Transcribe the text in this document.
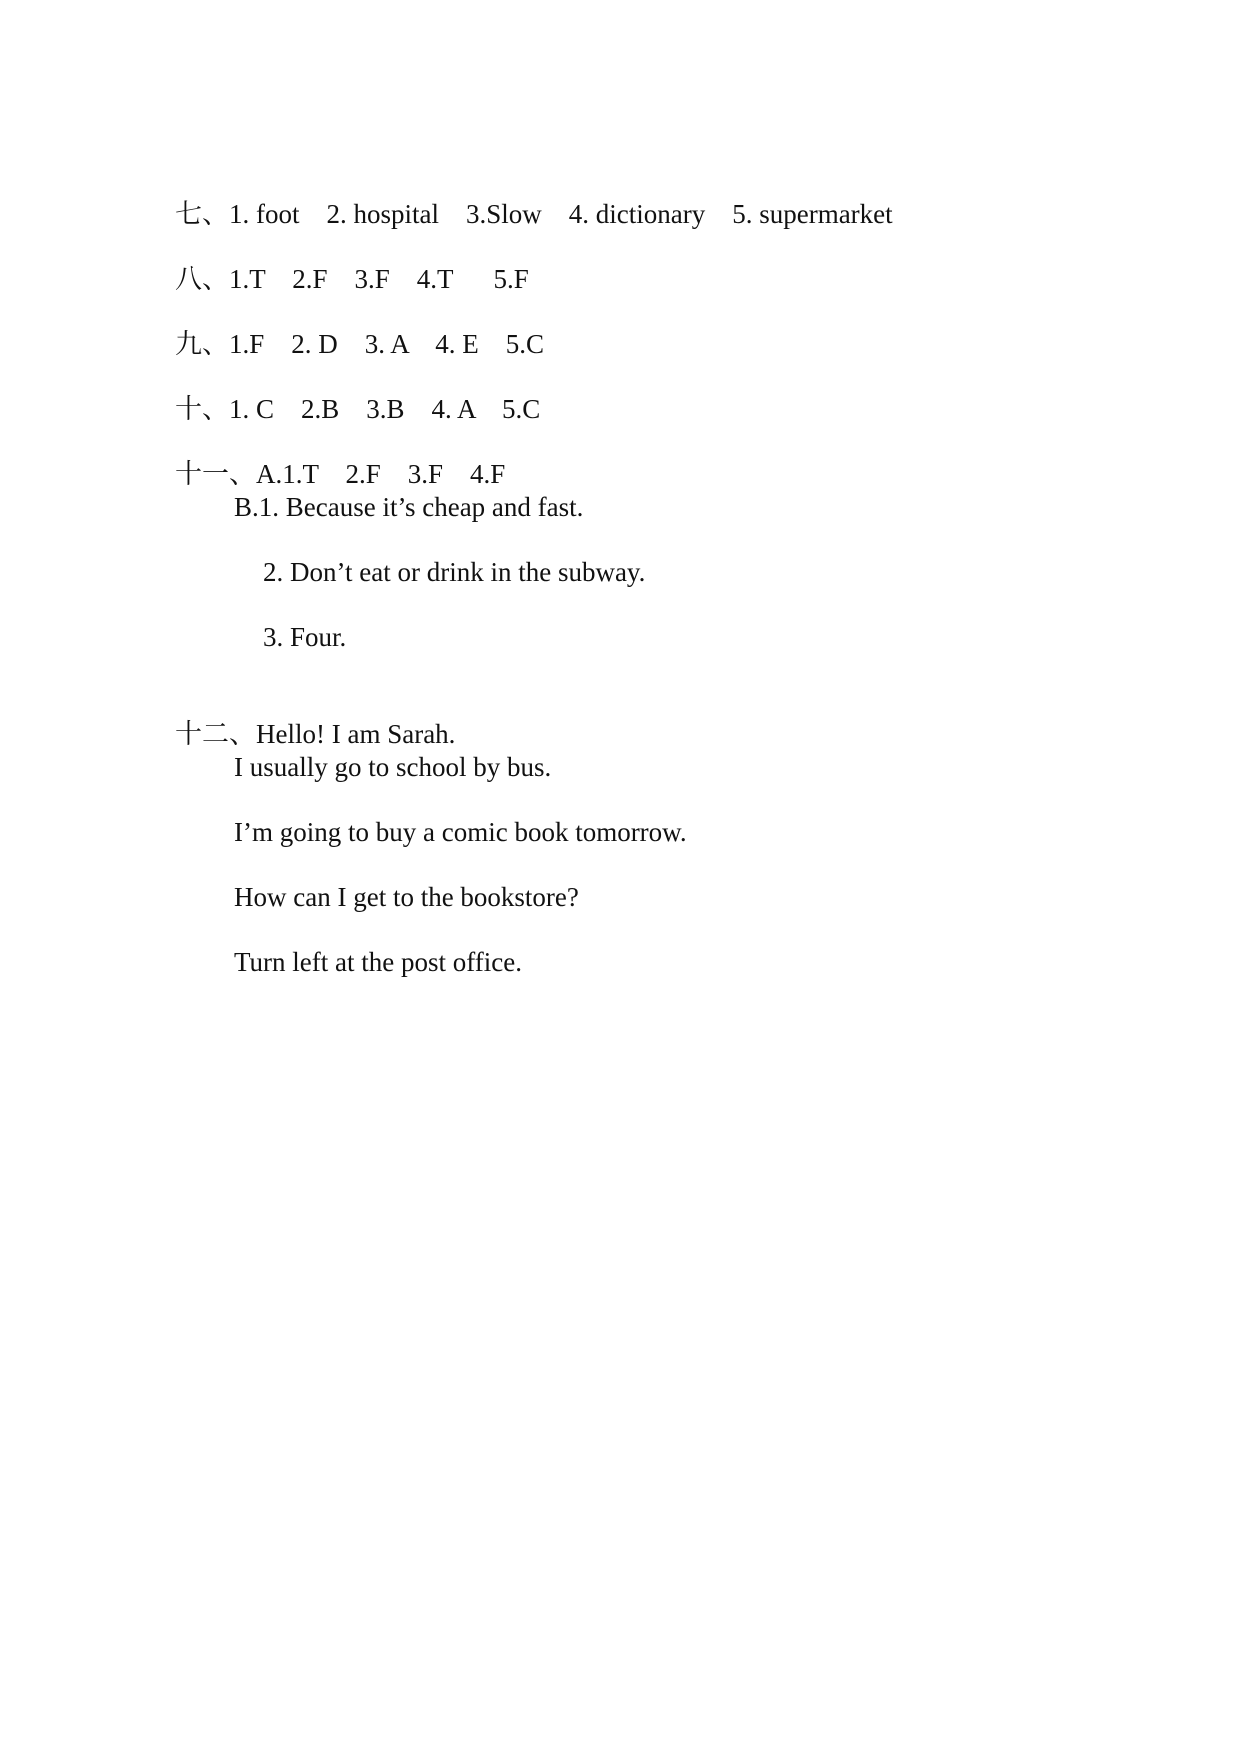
七、1. foot    2. hospital    3.Slow    4. dictionary    5. supermarket

八、1.T    2.F    3.F    4.T      5.F

九、1.F    2. D    3. A    4. E    5.C

十、1. C    2.B    3.B    4. A    5.C

十一、A.1.T    2.F    3.F    4.F

B.1. Because it’s cheap and fast.
2. Don’t eat or drink in the subway.
3. Four.

十二、Hello! I am Sarah.

I usually go to school by bus.
I’m going to buy a comic book tomorrow.
How can I get to the bookstore?
Turn left at the post office.
